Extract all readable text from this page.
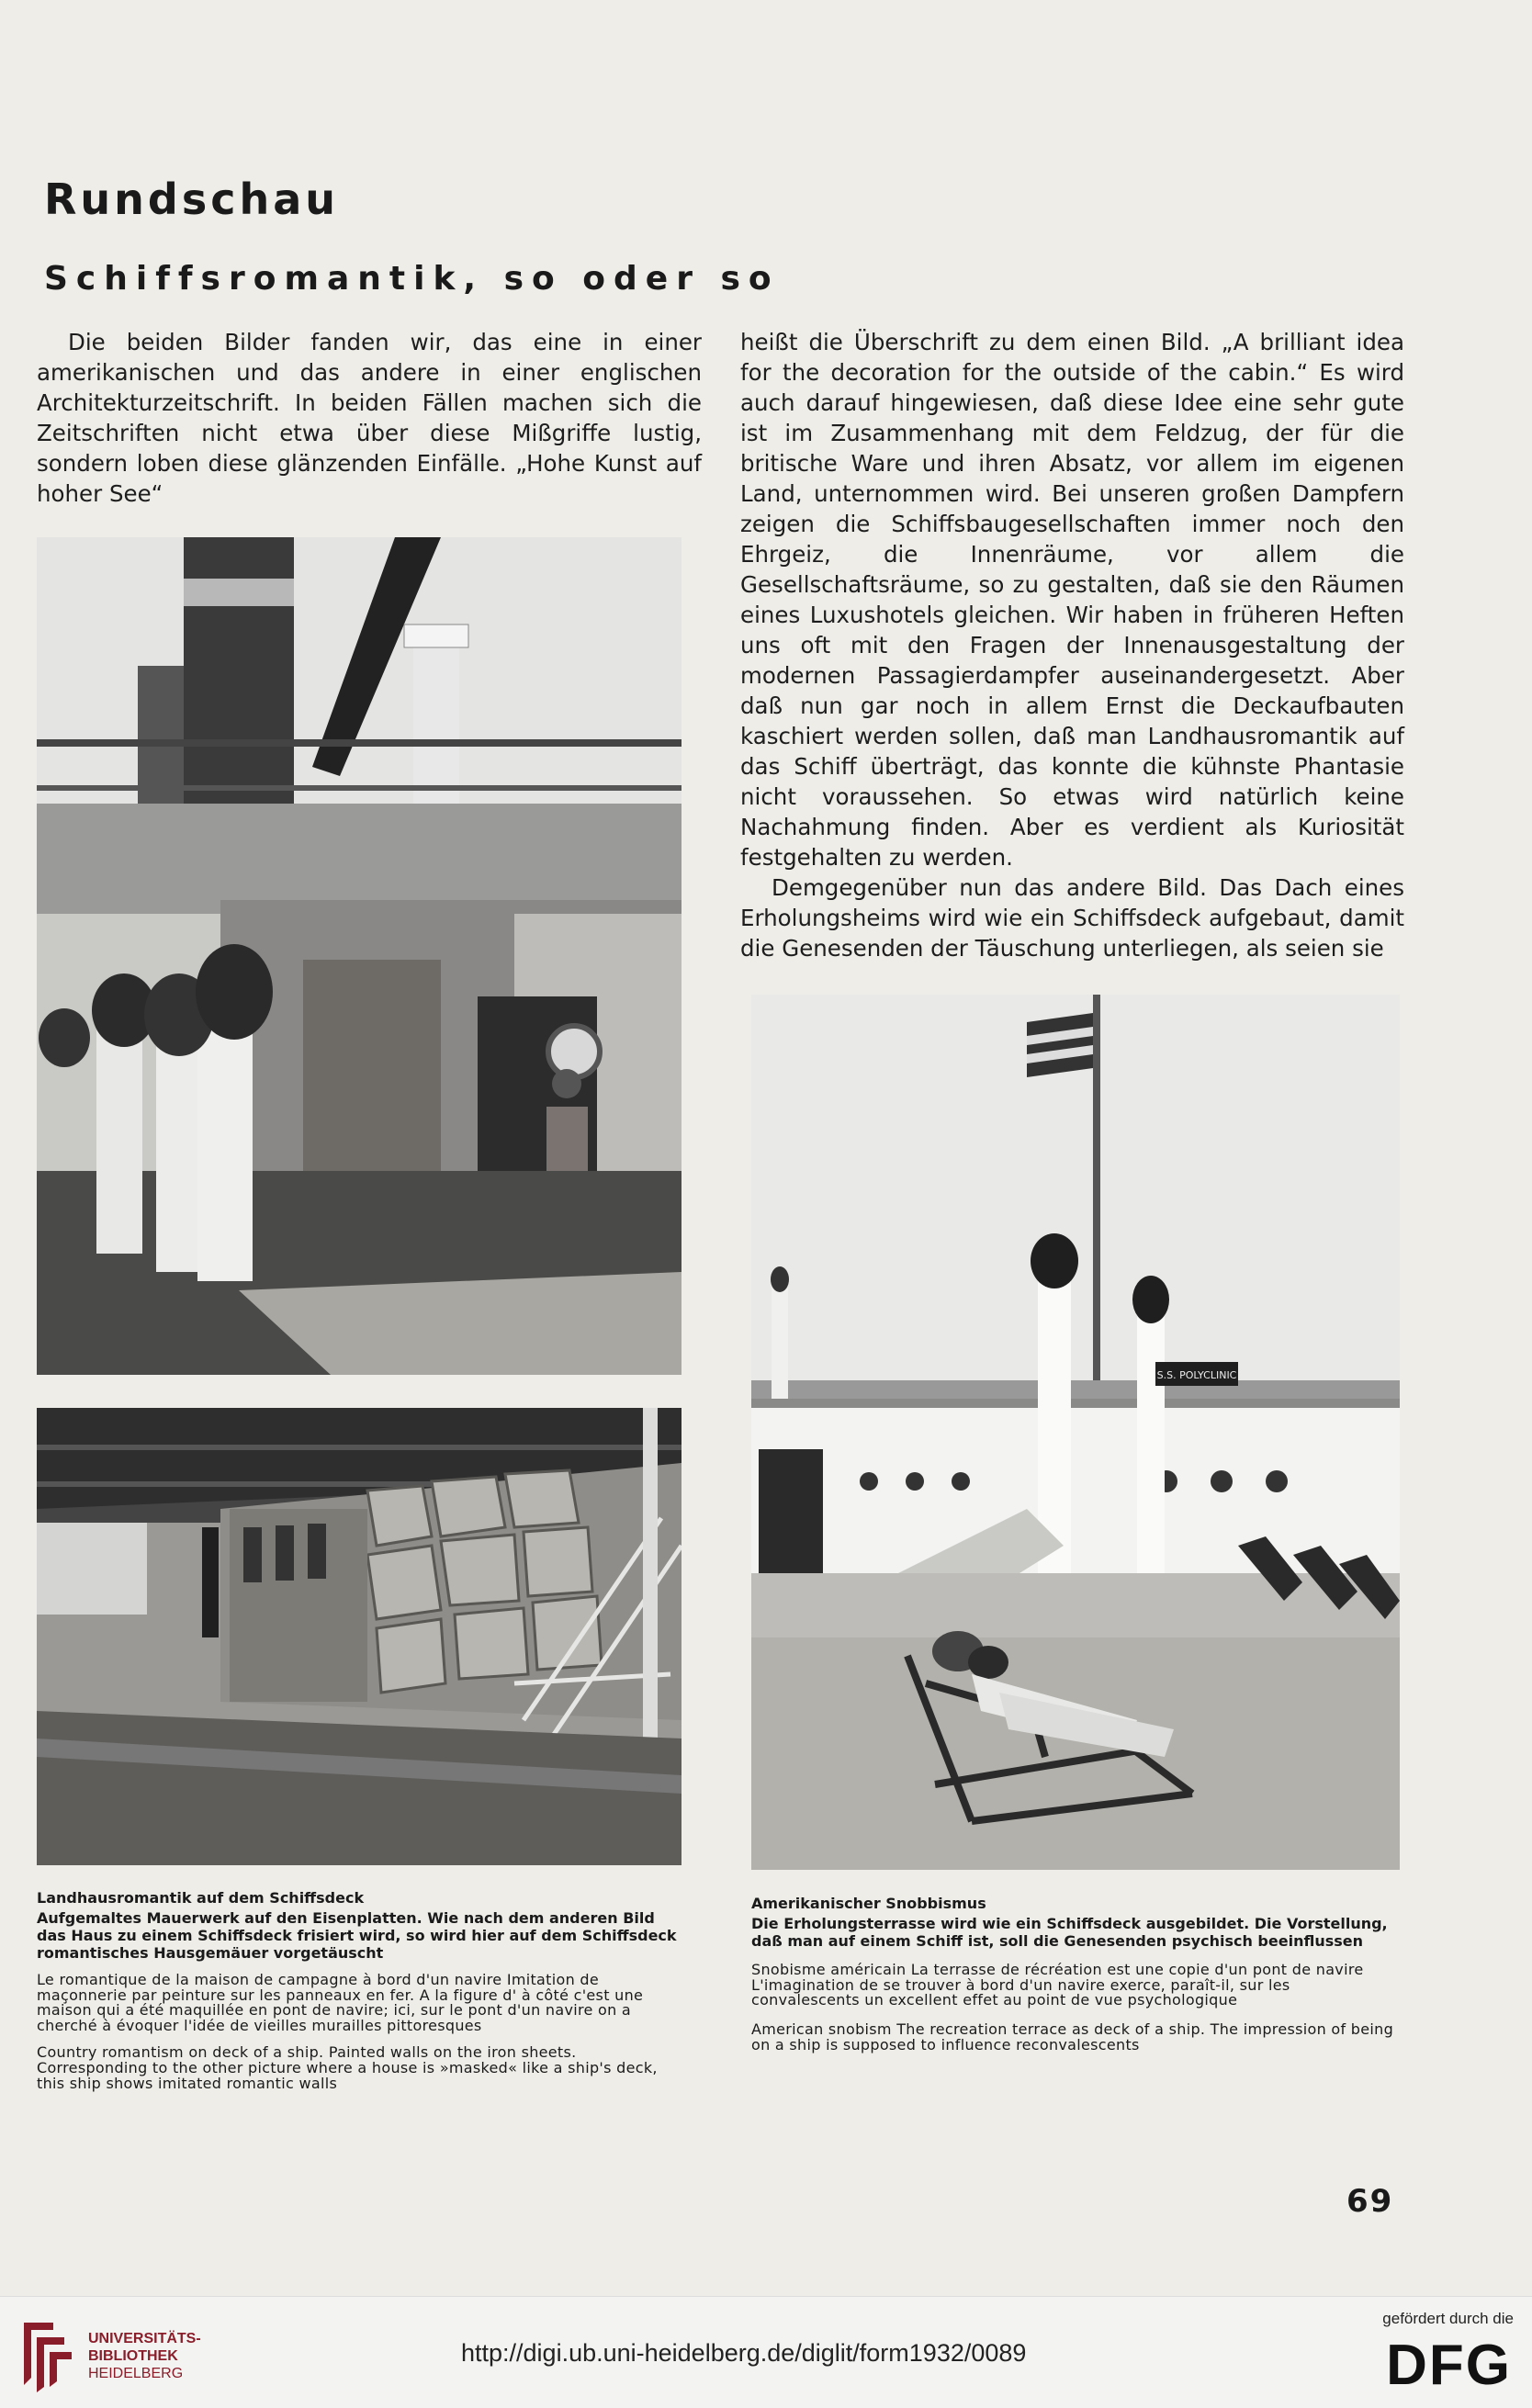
Rundschau
Schiffsromantik, so oder so

Die beiden Bilder fanden wir, das eine in einer amerikanischen und das andere in einer englischen Architekturzeitschrift. In beiden Fällen machen sich die Zeitschriften nicht etwa über diese Mißgriffe lustig, sondern loben diese glänzenden Einfälle. „Hohe Kunst auf hoher See“

heißt die Überschrift zu dem einen Bild. „A brilliant idea for the decoration for the outside of the cabin.“ Es wird auch darauf hingewiesen, daß diese Idee eine sehr gute ist im Zusammenhang mit dem Feldzug, der für die britische Ware und ihren Absatz, vor allem im eigenen Land, unternommen wird. Bei unseren großen Dampfern zeigen die Schiffsbaugesellschaften immer noch den Ehrgeiz, die Innenräume, vor allem die Gesellschaftsräume, so zu gestalten, daß sie den Räumen eines Luxushotels gleichen. Wir haben in früheren Heften uns oft mit den Fragen der Innenausgestaltung der modernen Passagierdampfer auseinandergesetzt. Aber daß nun gar noch in allem Ernst die Deckaufbauten kaschiert werden sollen, daß man Landhausromantik auf das Schiff überträgt, das konnte die kühnste Phantasie nicht voraussehen. So etwas wird natürlich keine Nachahmung finden. Aber es verdient als Kuriosität festgehalten zu werden.

Demgegenüber nun das andere Bild. Das Dach eines Erholungsheims wird wie ein Schiffsdeck aufgebaut, damit die Genesenden der Täuschung unterliegen, als seien sie

S.S. POLYCLINIC
Landhausromantik auf dem Schiffsdeck
Aufgemaltes Mauerwerk auf den Eisenplatten. Wie nach dem anderen Bild das Haus zu einem Schiffsdeck frisiert wird, so wird hier auf dem Schiffsdeck romantisches Hausgemäuer vorgetäuscht
Le romantique de la maison de campagne à bord d'un navire Imitation de maçonnerie par peinture sur les panneaux en fer. A la figure d' à côté c'est une maison qui a été maquillée en pont de navire; ici, sur le pont d'un navire on a cherché à évoquer l'idée de vieilles murailles pittoresques
Country romantism on deck of a ship. Painted walls on the iron sheets. Corresponding to the other picture where a house is »masked« like a ship's deck, this ship shows imitated romantic walls
Amerikanischer Snobbismus
Die Erholungsterrasse wird wie ein Schiffsdeck ausgebildet. Die Vorstellung, daß man auf einem Schiff ist, soll die Genesenden psychisch beeinflussen
Snobisme américain La terrasse de récréation est une copie d'un pont de navire L'imagination de se trouver à bord d'un navire exerce, paraît-il, sur les convalescents un excellent effet au point de vue psychologique
American snobism The recreation terrace as deck of a ship. The impression of being on a ship is supposed to influence reconvalescents
69
UNIVERSITÄTS-
BIBLIOTHEK
HEIDELBERG
http://digi.ub.uni-heidelberg.de/diglit/form1932/0089
gefördert durch die
DFG
